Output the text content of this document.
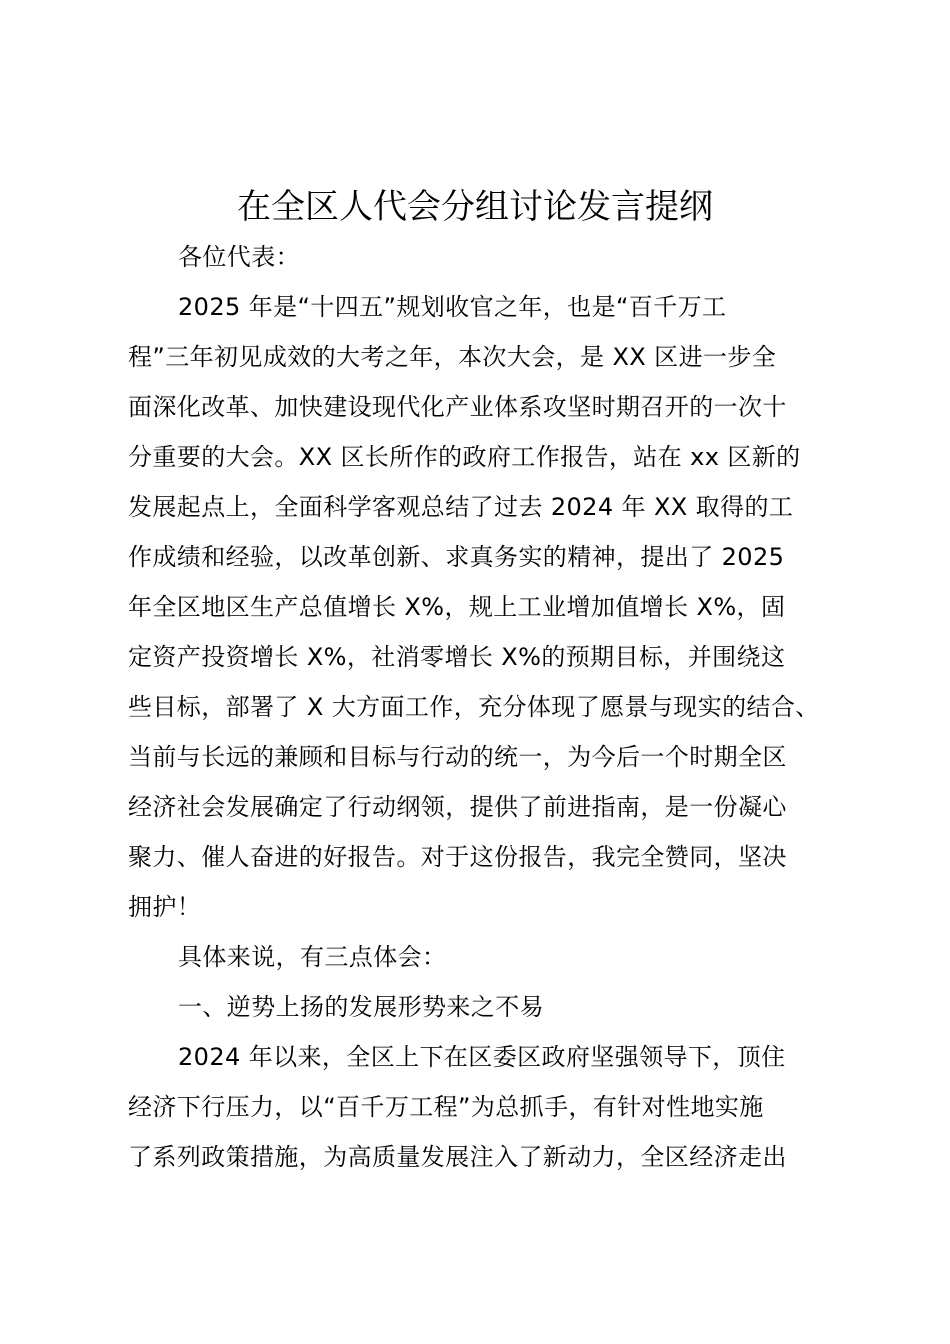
在全区人代会分组讨论发言提纲
各位代表：
2025 年是“十四五”规划收官之年，也是“百千万工
程”三年初见成效的大考之年，本次大会，是 XX 区进一步全
面深化改革、加快建设现代化产业体系攻坚时期召开的一次十
分重要的大会。XX 区长所作的政府工作报告，站在 xx 区新的
发展起点上，全面科学客观总结了过去 2024 年 XX 取得的工
作成绩和经验，以改革创新、求真务实的精神，提出了 2025
年全区地区生产总值增长 X%，规上工业增加值增长 X%，固
定资产投资增长 X%，社消零增长 X%的预期目标，并围绕这
些目标，部署了 X 大方面工作，充分体现了愿景与现实的结合、
当前与长远的兼顾和目标与行动的统一，为今后一个时期全区
经济社会发展确定了行动纲领，提供了前进指南，是一份凝心
聚力、催人奋进的好报告。对于这份报告，我完全赞同，坚决
拥护！
具体来说，有三点体会：
一、逆势上扬的发展形势来之不易
2024 年以来，全区上下在区委区政府坚强领导下，顶住
经济下行压力，以“百千万工程”为总抓手，有针对性地实施
了系列政策措施，为高质量发展注入了新动力，全区经济走出
